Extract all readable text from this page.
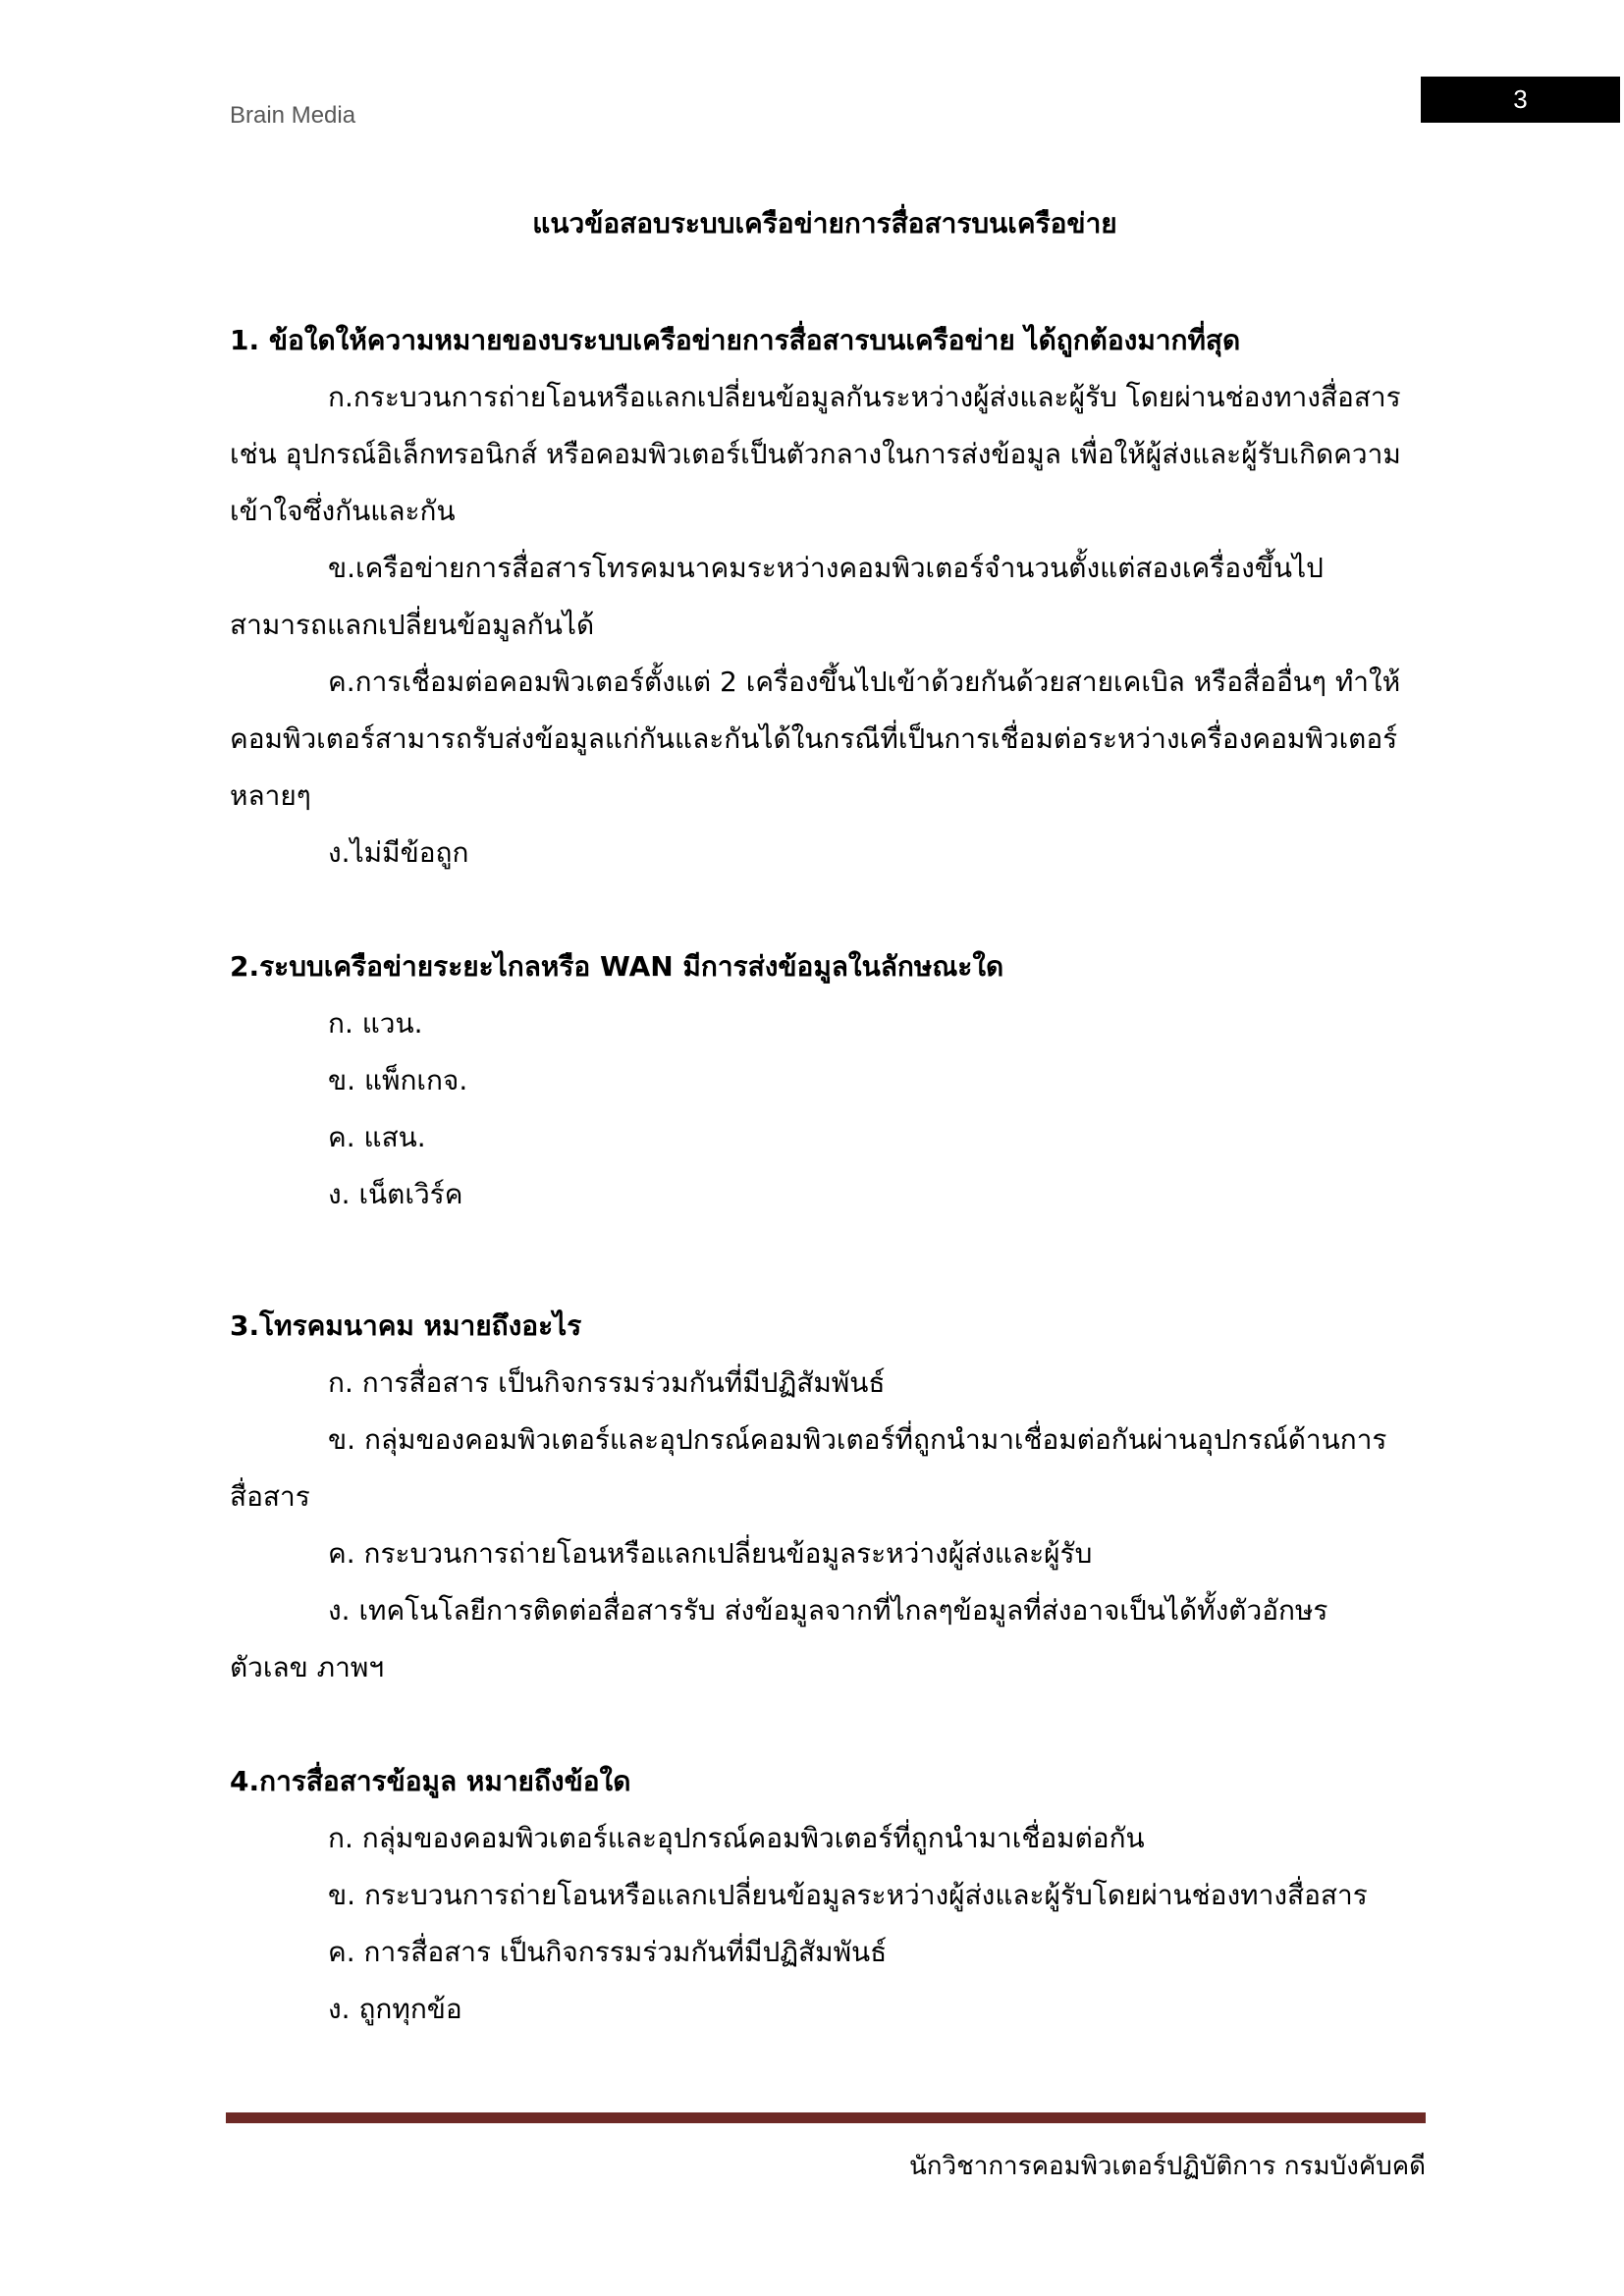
Brain Media
3
แนวข้อสอบระบบเครือข่ายการสื่อสารบนเครือข่าย

1. ข้อใดให้ความหมายของบระบบเครือข่ายการสื่อสารบนเครือข่าย ได้ถูกต้องมากที่สุด

ก.กระบวนการถ่ายโอนหรือแลกเปลี่ยนข้อมูลกันระหว่างผู้ส่งและผู้รับ โดยผ่านช่องทางสื่อสาร เช่น อุปกรณ์อิเล็กทรอนิกส์ หรือคอมพิวเตอร์เป็นตัวกลางในการส่งข้อมูล เพื่อให้ผู้ส่งและผู้รับเกิดความเข้าใจซึ่งกันและกัน

ข.เครือข่ายการสื่อสารโทรคมนาคมระหว่างคอมพิวเตอร์จำนวนตั้งแต่สองเครื่องขึ้นไปสามารถแลกเปลี่ยนข้อมูลกันได้

ค.การเชื่อมต่อคอมพิวเตอร์ตั้งแต่ 2 เครื่องขึ้นไปเข้าด้วยกันด้วยสายเคเบิล หรือสื่ออื่นๆ ทำให้คอมพิวเตอร์สามารถรับส่งข้อมูลแก่กันและกันได้ในกรณีที่เป็นการเชื่อมต่อระหว่างเครื่องคอมพิวเตอร์หลายๆ

ง.ไม่มีข้อถูก

2.ระบบเครือข่ายระยะไกลหรือ WAN มีการส่งข้อมูลในลักษณะใด

ก. แวน.

ข. แพ็กเกจ.

ค. แสน.

ง. เน็ตเวิร์ค

3.โทรคมนาคม หมายถึงอะไร

ก. การสื่อสาร เป็นกิจกรรมร่วมกันที่มีปฏิสัมพันธ์

ข. กลุ่มของคอมพิวเตอร์และอุปกรณ์คอมพิวเตอร์ที่ถูกนำมาเชื่อมต่อกันผ่านอุปกรณ์ด้านการสื่อสาร

ค. กระบวนการถ่ายโอนหรือแลกเปลี่ยนข้อมูลระหว่างผู้ส่งและผู้รับ

ง. เทคโนโลยีการติดต่อสื่อสารรับ ส่งข้อมูลจากที่ไกลๆข้อมูลที่ส่งอาจเป็นได้ทั้งตัวอักษร ตัวเลข ภาพฯ

4.การสื่อสารข้อมูล หมายถึงข้อใด

ก. กลุ่มของคอมพิวเตอร์และอุปกรณ์คอมพิวเตอร์ที่ถูกนำมาเชื่อมต่อกัน

ข. กระบวนการถ่ายโอนหรือแลกเปลี่ยนข้อมูลระหว่างผู้ส่งและผู้รับโดยผ่านช่องทางสื่อสาร

ค. การสื่อสาร เป็นกิจกรรมร่วมกันที่มีปฏิสัมพันธ์

ง. ถูกทุกข้อ

นักวิชาการคอมพิวเตอร์ปฏิบัติการ กรมบังคับคดี
